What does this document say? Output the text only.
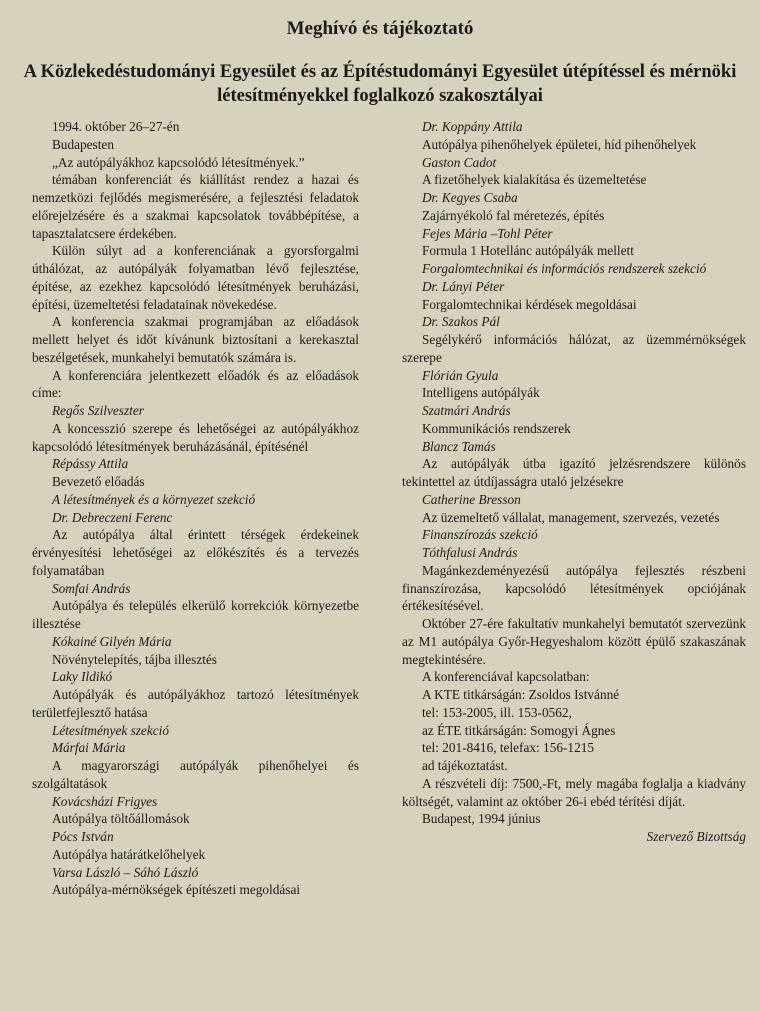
Meghívó és tájékoztató
A Közlekedéstudományi Egyesület és az Építéstudományi Egyesület útépítéssel és mérnöki létesítményekkel foglalkozó szakosztályai

1994. október 26–27-én

Budapesten

„Az autópályákhoz kapcsolódó létesítmények.”

témában konferenciát és kiállítást rendez a hazai és nemzetközi fejlődés megismerésére, a fejlesztési feladatok előrejelzésére és a szakmai kapcsolatok továbbépítése, a tapasztalatcsere érdekében.

Külön súlyt ad a konferenciának a gyorsforgalmi úthálózat, az autópályák folyamatban lévő fejlesztése, építése, az ezekhez kapcsolódó létesítmények beruházási, építési, üzemeltetési feladatainak növekedése.

A konferencia szakmai programjában az előadások mellett helyet és időt kívánunk biztosítani a kerekasztal beszélgetések, munkahelyi bemutatók számára is.

A konferenciára jelentkezett előadók és az előadások címe:

Regős Szilveszter

A koncesszió szerepe és lehetőségei az autópályákhoz kapcsolódó létesítmények beruházásánál, építésénél

Répássy Attila

Bevezető előadás

A létesítmények és a környezet szekció

Dr. Debreczeni Ferenc

Az autópálya által érintett térségek érdekeinek érvényesítési lehetőségei az előkészítés és a tervezés folyamatában

Somfai András

Autópálya és település elkerülő korrekciók környezetbe illesztése

Kókainé Gilyén Mária

Növénytelepítés, tájba illesztés

Laky Ildikó

Autópályák és autópályákhoz tartozó létesítmények területfejlesztő hatása

Létesítmények szekció

Márfai Mária

A magyarországi autópályák pihenőhelyei és szolgáltatások

Kovácsházi Frigyes

Autópálya töltőállomások

Pócs István

Autópálya határátkelőhelyek

Varsa László – Sáhó László

Autópálya-mérnökségek építészeti megoldásai

Dr. Koppány Attila

Autópálya pihenőhelyek épületei, híd pihenőhelyek

Gaston Cadot

A fizetőhelyek kialakítása és üzemeltetése

Dr. Kegyes Csaba

Zajárnyékoló fal méretezés, építés

Fejes Mária –Tohl Péter

Formula 1 Hotellánc autópályák mellett

Forgalomtechnikai és információs rendszerek szekció

Dr. Lányi Péter

Forgalomtechnikai kérdések megoldásai

Dr. Szakos Pál

Segélykérő információs hálózat, az üzemmérnökségek szerepe

Flórián Gyula

Intelligens autópályák

Szatmári András

Kommunikációs rendszerek

Blancz Tamás

Az autópályák útba igazító jelzésrendszere különös tekintettel az útdíjasságra utaló jelzésekre

Catherine Bresson

Az üzemeltető vállalat, management, szervezés, vezetés

Finanszírozás szekció

Tóthfalusi András

Magánkezdeményezésű autópálya fejlesztés részbeni finanszírozása, kapcsolódó létesítmények opciójának értékesítésével.

Október 27-ére fakultatív munkahelyi bemutatót szervezünk az M1 autópálya Győr-Hegyeshalom között épülő szakaszának megtekintésére.

A konferenciával kapcsolatban:

A KTE titkárságán: Zsoldos Istvánné

tel: 153-2005, ill. 153-0562,

az ÉTE titkárságán: Somogyi Ágnes

tel: 201-8416, telefax: 156-1215

ad tájékoztatást.

A részvételi díj: 7500,-Ft, mely magába foglalja a kiadvány költségét, valamint az október 26-i ebéd térítési díját.

Budapest, 1994 június

Szervező Bizottság
